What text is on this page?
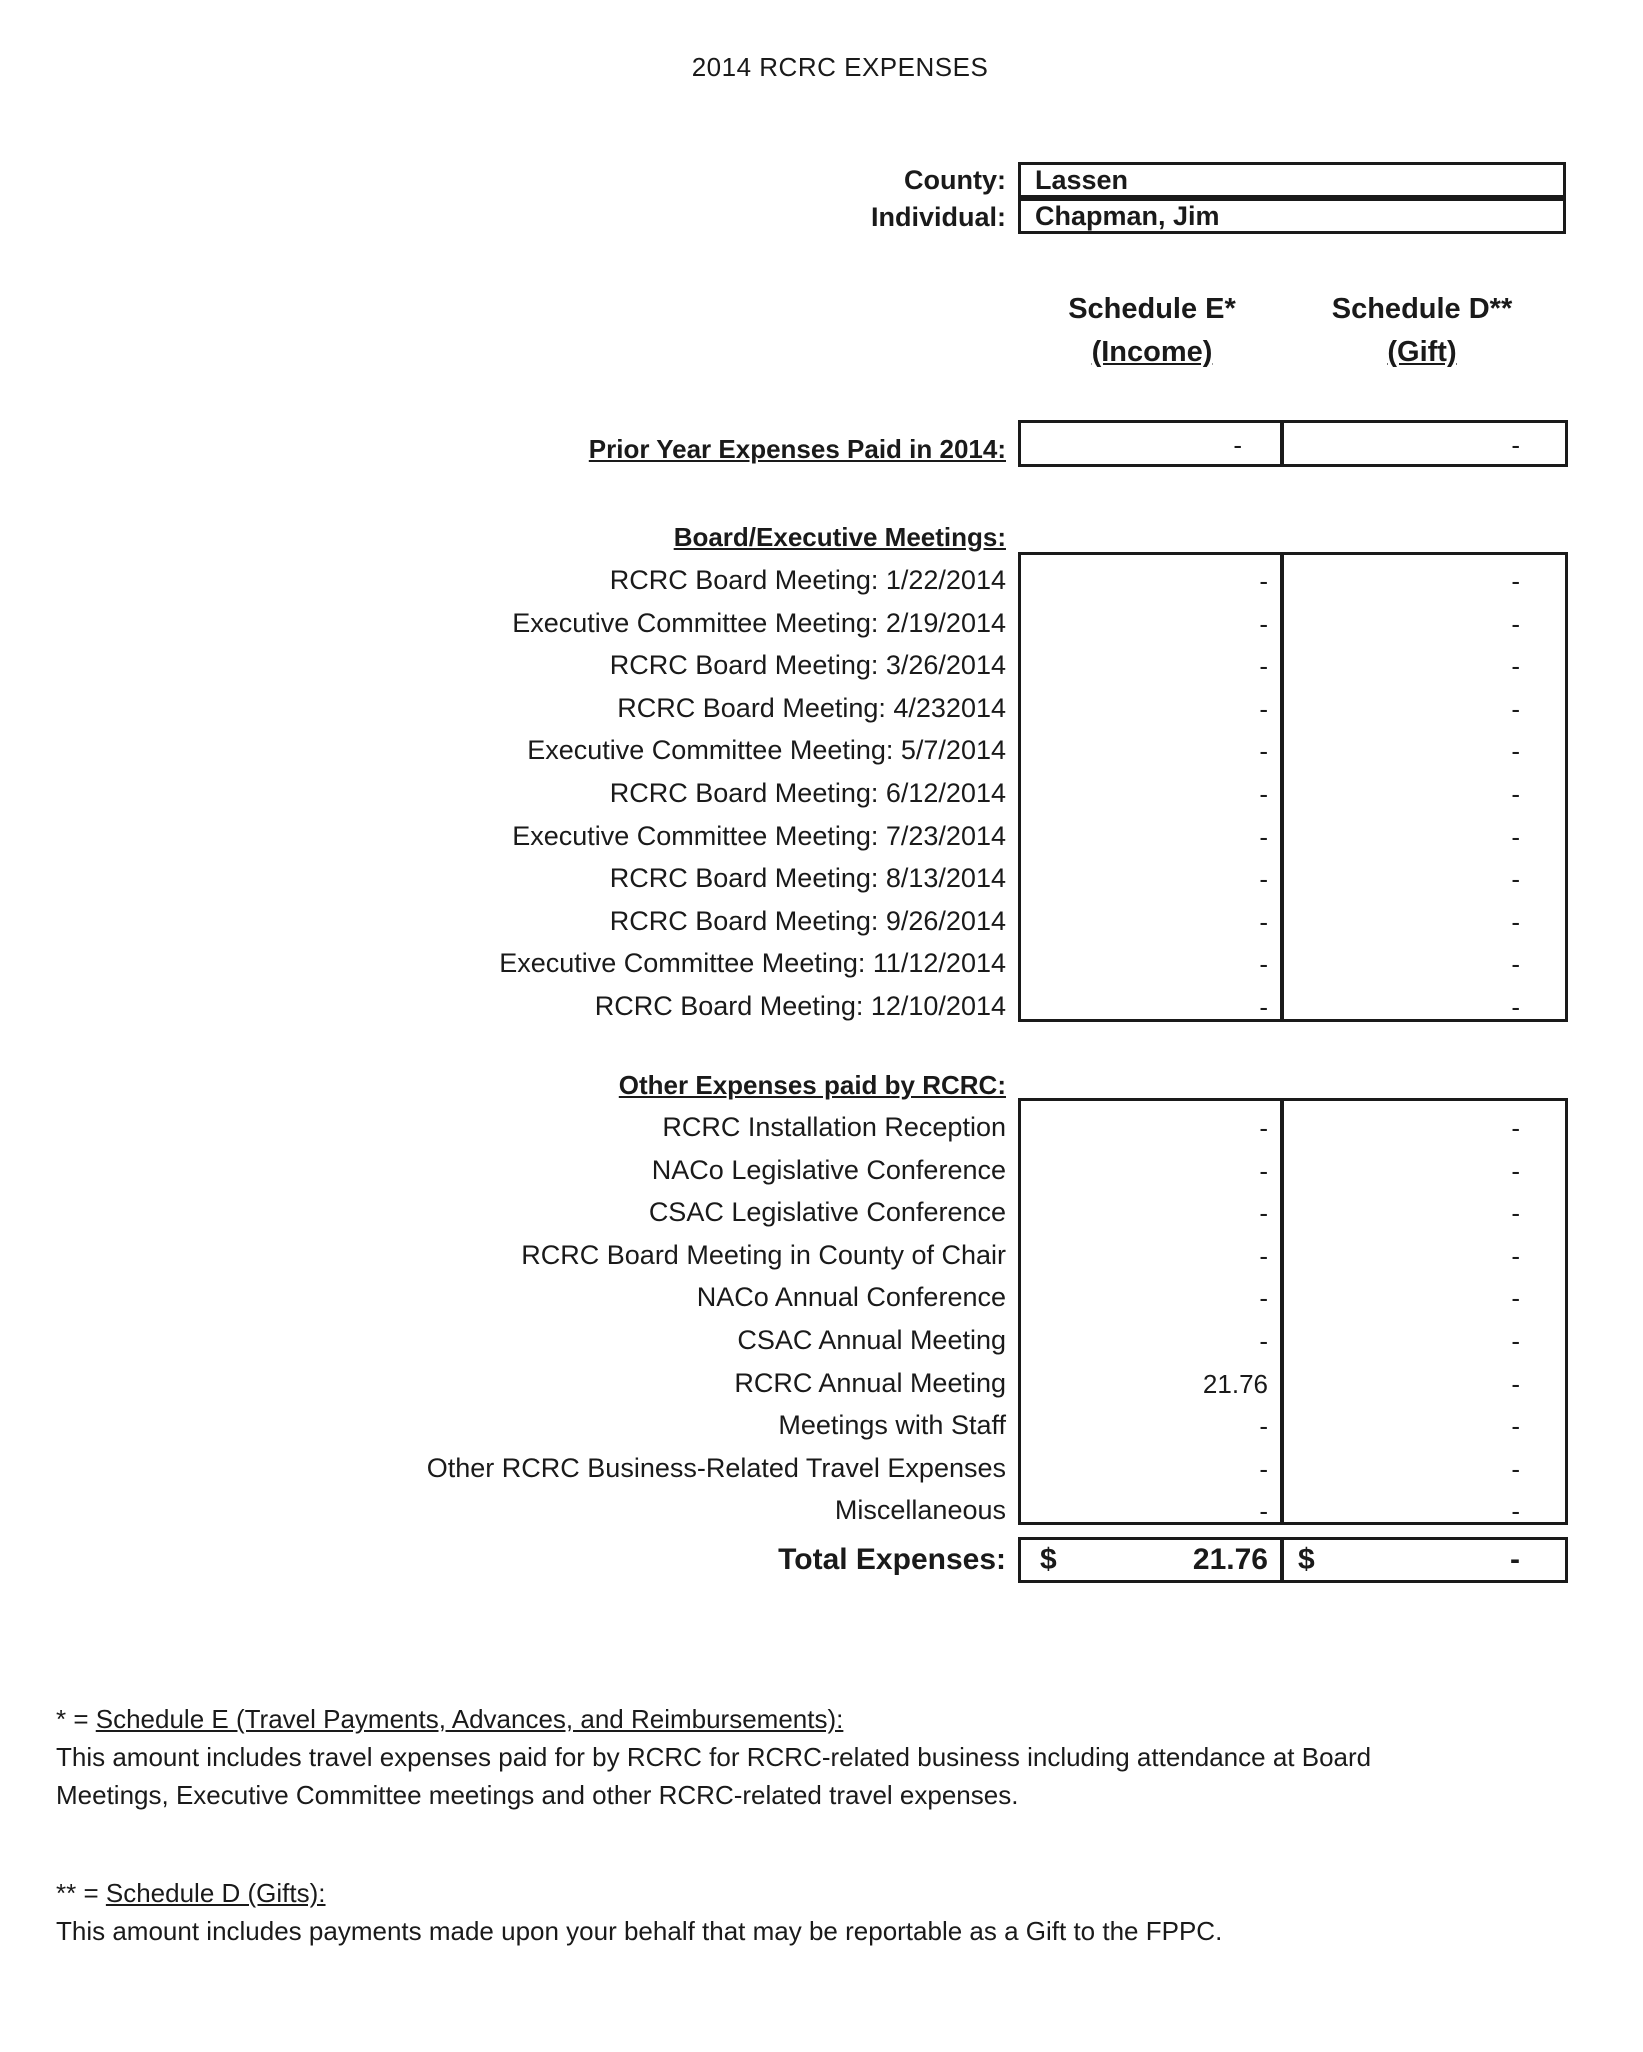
2014 RCRC EXPENSES
County:	Lassen
Individual:	Chapman, Jim
Schedule E*
(Income)
Schedule D**
(Gift)
Prior Year Expenses Paid in 2014:	-	-
Board/Executive Meetings:
RCRC Board Meeting: 1/22/2014	-	-
Executive Committee Meeting: 2/19/2014	-	-
RCRC Board Meeting: 3/26/2014	-	-
RCRC Board Meeting: 4/232014	-	-
Executive Committee Meeting: 5/7/2014	-	-
RCRC Board Meeting: 6/12/2014	-	-
Executive Committee Meeting: 7/23/2014	-	-
RCRC Board Meeting: 8/13/2014	-	-
RCRC Board Meeting: 9/26/2014	-	-
Executive Committee Meeting: 11/12/2014	-	-
RCRC Board Meeting: 12/10/2014	-	-
Other Expenses paid by RCRC:
RCRC Installation Reception	-	-
NACo Legislative Conference	-	-
CSAC Legislative Conference	-	-
RCRC Board Meeting in County of Chair	-	-
NACo Annual Conference	-	-
CSAC Annual Meeting	-	-
RCRC Annual Meeting	21.76	-
Meetings with Staff	-	-
Other RCRC Business-Related Travel Expenses	-	-
Miscellaneous	-	-
Total Expenses: $	21.76 $	-
* = Schedule E (Travel Payments, Advances, and Reimbursements):
This amount includes travel expenses paid for by RCRC for RCRC-related business including attendance at Board
Meetings, Executive Committee meetings and other RCRC-related travel expenses.
** = Schedule D (Gifts):
This amount includes payments made upon your behalf that may be reportable as a Gift to the FPPC.
